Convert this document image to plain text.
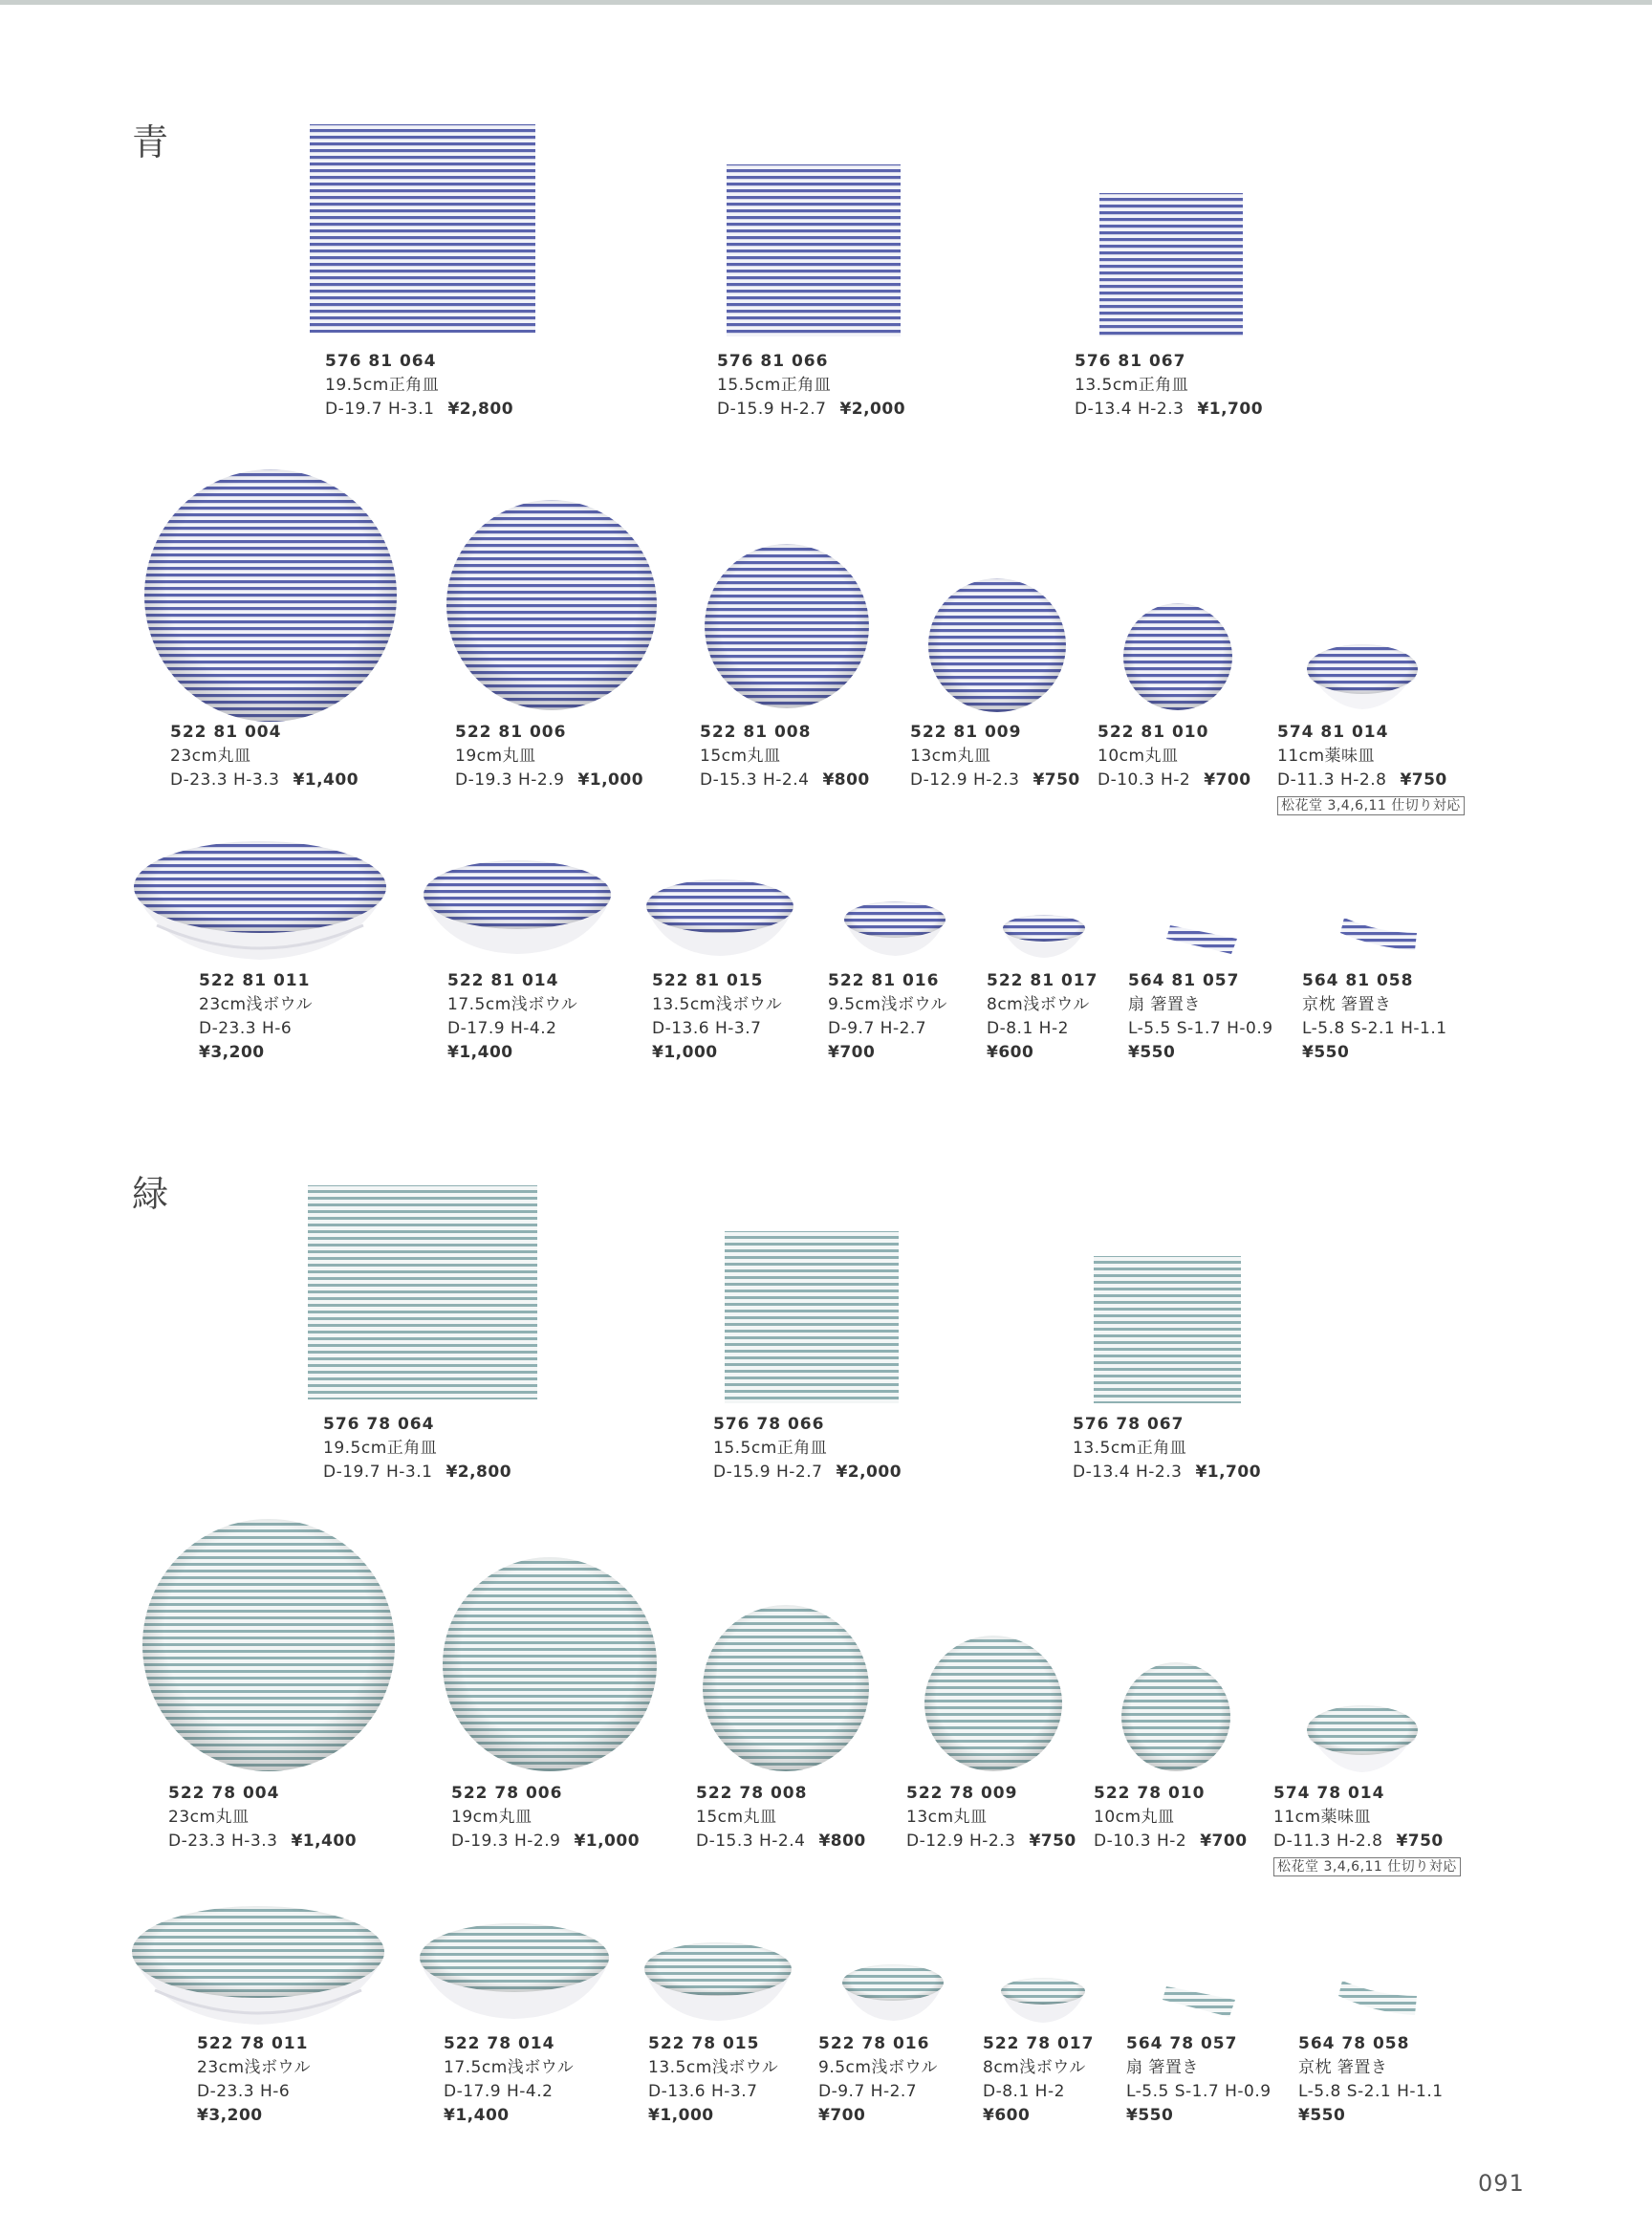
青
576 81 064
19.5cm正角皿
D-19.7 H-3.1 ¥2,800
576 81 066
15.5cm正角皿
D-15.9 H-2.7 ¥2,000
576 81 067
13.5cm正角皿
D-13.4 H-2.3 ¥1,700
522 81 004
23cm丸皿
D-23.3 H-3.3 ¥1,400
522 81 006
19cm丸皿
D-19.3 H-2.9 ¥1,000
522 81 008
15cm丸皿
D-15.3 H-2.4 ¥800
522 81 009
13cm丸皿
D-12.9 H-2.3 ¥750
522 81 010
10cm丸皿
D-10.3 H-2 ¥700
574 81 014
11cm薬味皿
D-11.3 H-2.8 ¥750
松花堂 3,4,6,11 仕切り対応
522 81 011
23cm浅ボウル
D-23.3 H-6
¥3,200
522 81 014
17.5cm浅ボウル
D-17.9 H-4.2
¥1,400
522 81 015
13.5cm浅ボウル
D-13.6 H-3.7
¥1,000
522 81 016
9.5cm浅ボウル
D-9.7 H-2.7
¥700
522 81 017
8cm浅ボウル
D-8.1 H-2
¥600
564 81 057
扇 箸置き
L-5.5 S-1.7 H-0.9
¥550
564 81 058
京枕 箸置き
L-5.8 S-2.1 H-1.1
¥550
緑
576 78 064
19.5cm正角皿
D-19.7 H-3.1 ¥2,800
576 78 066
15.5cm正角皿
D-15.9 H-2.7 ¥2,000
576 78 067
13.5cm正角皿
D-13.4 H-2.3 ¥1,700
522 78 004
23cm丸皿
D-23.3 H-3.3 ¥1,400
522 78 006
19cm丸皿
D-19.3 H-2.9 ¥1,000
522 78 008
15cm丸皿
D-15.3 H-2.4 ¥800
522 78 009
13cm丸皿
D-12.9 H-2.3 ¥750
522 78 010
10cm丸皿
D-10.3 H-2 ¥700
574 78 014
11cm薬味皿
D-11.3 H-2.8 ¥750
松花堂 3,4,6,11 仕切り対応
522 78 011
23cm浅ボウル
D-23.3 H-6
¥3,200
522 78 014
17.5cm浅ボウル
D-17.9 H-4.2
¥1,400
522 78 015
13.5cm浅ボウル
D-13.6 H-3.7
¥1,000
522 78 016
9.5cm浅ボウル
D-9.7 H-2.7
¥700
522 78 017
8cm浅ボウル
D-8.1 H-2
¥600
564 78 057
扇 箸置き
L-5.5 S-1.7 H-0.9
¥550
564 78 058
京枕 箸置き
L-5.8 S-2.1 H-1.1
¥550
091
